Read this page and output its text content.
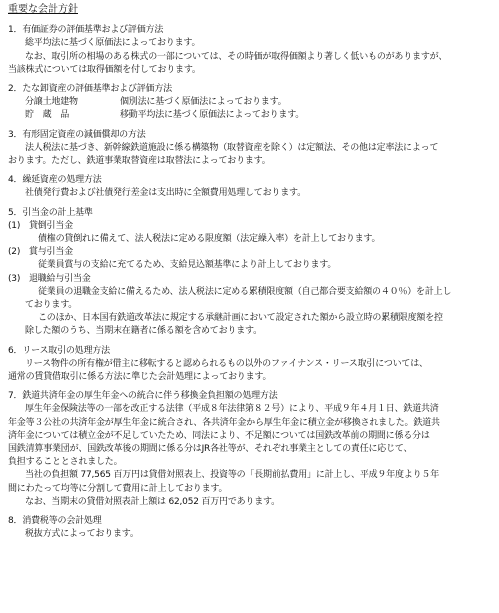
重要な会計方針
1．有価証券の評価基準および評価方法
総平均法に基づく原価法によっております。
なお、取引所の相場のある株式の一部については、その時価が取得価額より著しく低いものがありますが、
当該株式については取得価額を付しております。
2．たな卸資産の評価基準および評価方法
分譲土地建物	個別法に基づく原価法によっております。
貯　蔵　品	移動平均法に基づく原価法によっております。
3．有形固定資産の減価償却の方法
法人税法に基づき、新幹線鉄道施設に係る構築物（取替資産を除く）は定額法、その他は定率法によって
おります。ただし、鉄道事業取替資産は取替法によっております。
4．繰延資産の処理方法
社債発行費および社債発行差金は支出時に全額費用処理しております。
5．引当金の計上基準
(1)　貸倒引当金
債権の貸倒れに備えて、法人税法に定める限度額（法定繰入率）を計上しております。
(2)　賞与引当金
従業員賞与の支給に充てるため、支給見込額基準により計上しております。
(3)　退職給与引当金
従業員の退職金支給に備えるため、法人税法に定める累積限度額（自己都合要支給額の４０％）を計上し
ております。
このほか、日本国有鉄道改革法に規定する承継計画において設定された額から設立時の累積限度額を控
除した額のうち、当期末在籍者に係る額を含めております。
6．リース取引の処理方法
リース物件の所有権が借主に移転すると認められるもの以外のファイナンス・リース取引については、
通常の賃貸借取引に係る方法に準じた会計処理によっております。
7．鉄道共済年金の厚生年金への統合に伴う移換金負担額の処理方法
厚生年金保険法等の一部を改正する法律（平成８年法律第８２号）により、平成９年４月１日、鉄道共済
年金等３公社の共済年金が厚生年金に統合され、各共済年金から厚生年金に積立金が移換されました。鉄道共
済年金については積立金が不足していたため、同法により、不足額については国鉄改革前の期間に係る分は
国鉄清算事業団が、国鉄改革後の期間に係る分はJR各社等が、それぞれ事業主としての責任に応じて、
負担することとされました。
当社の負担額 77,565 百万円は貸借対照表上、投資等の「長期前払費用」に計上し、平成９年度より５年
間にわたって均等に分割して費用に計上しております。
なお、当期末の貸借対照表計上額は 62,052 百万円であります。
8．消費税等の会計処理
税抜方式によっております。
